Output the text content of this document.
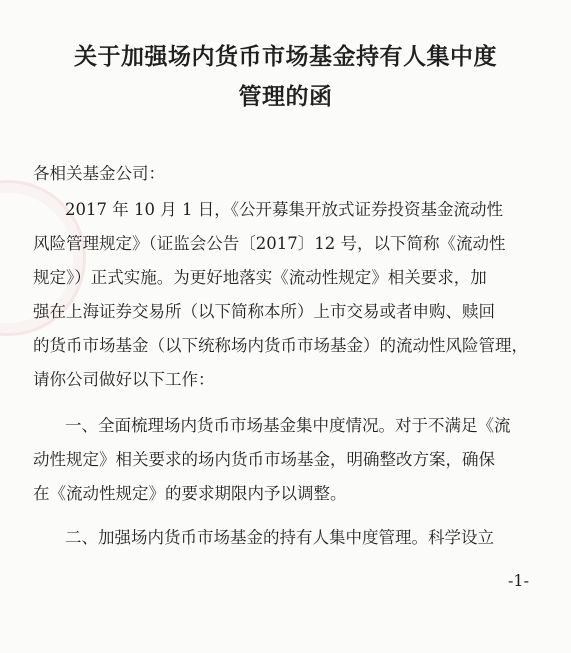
关于加强场内货币市场基金持有人集中度
管理的函

各相关基金公司：

2017 年 10 月 1 日，《公开募集开放式证券投资基金流动性

风险管理规定》（证监会公告〔2017〕12 号，以下简称《流动性

规定》）正式实施。为更好地落实《流动性规定》相关要求，加

强在上海证券交易所（以下简称本所）上市交易或者申购、赎回

的货币市场基金（以下统称场内货币市场基金）的流动性风险管理，

请你公司做好以下工作：

一、全面梳理场内货币市场基金集中度情况。对于不满足《流

动性规定》相关要求的场内货币市场基金，明确整改方案，确保

在《流动性规定》的要求期限内予以调整。

二、加强场内货币市场基金的持有人集中度管理。科学设立

-1-
